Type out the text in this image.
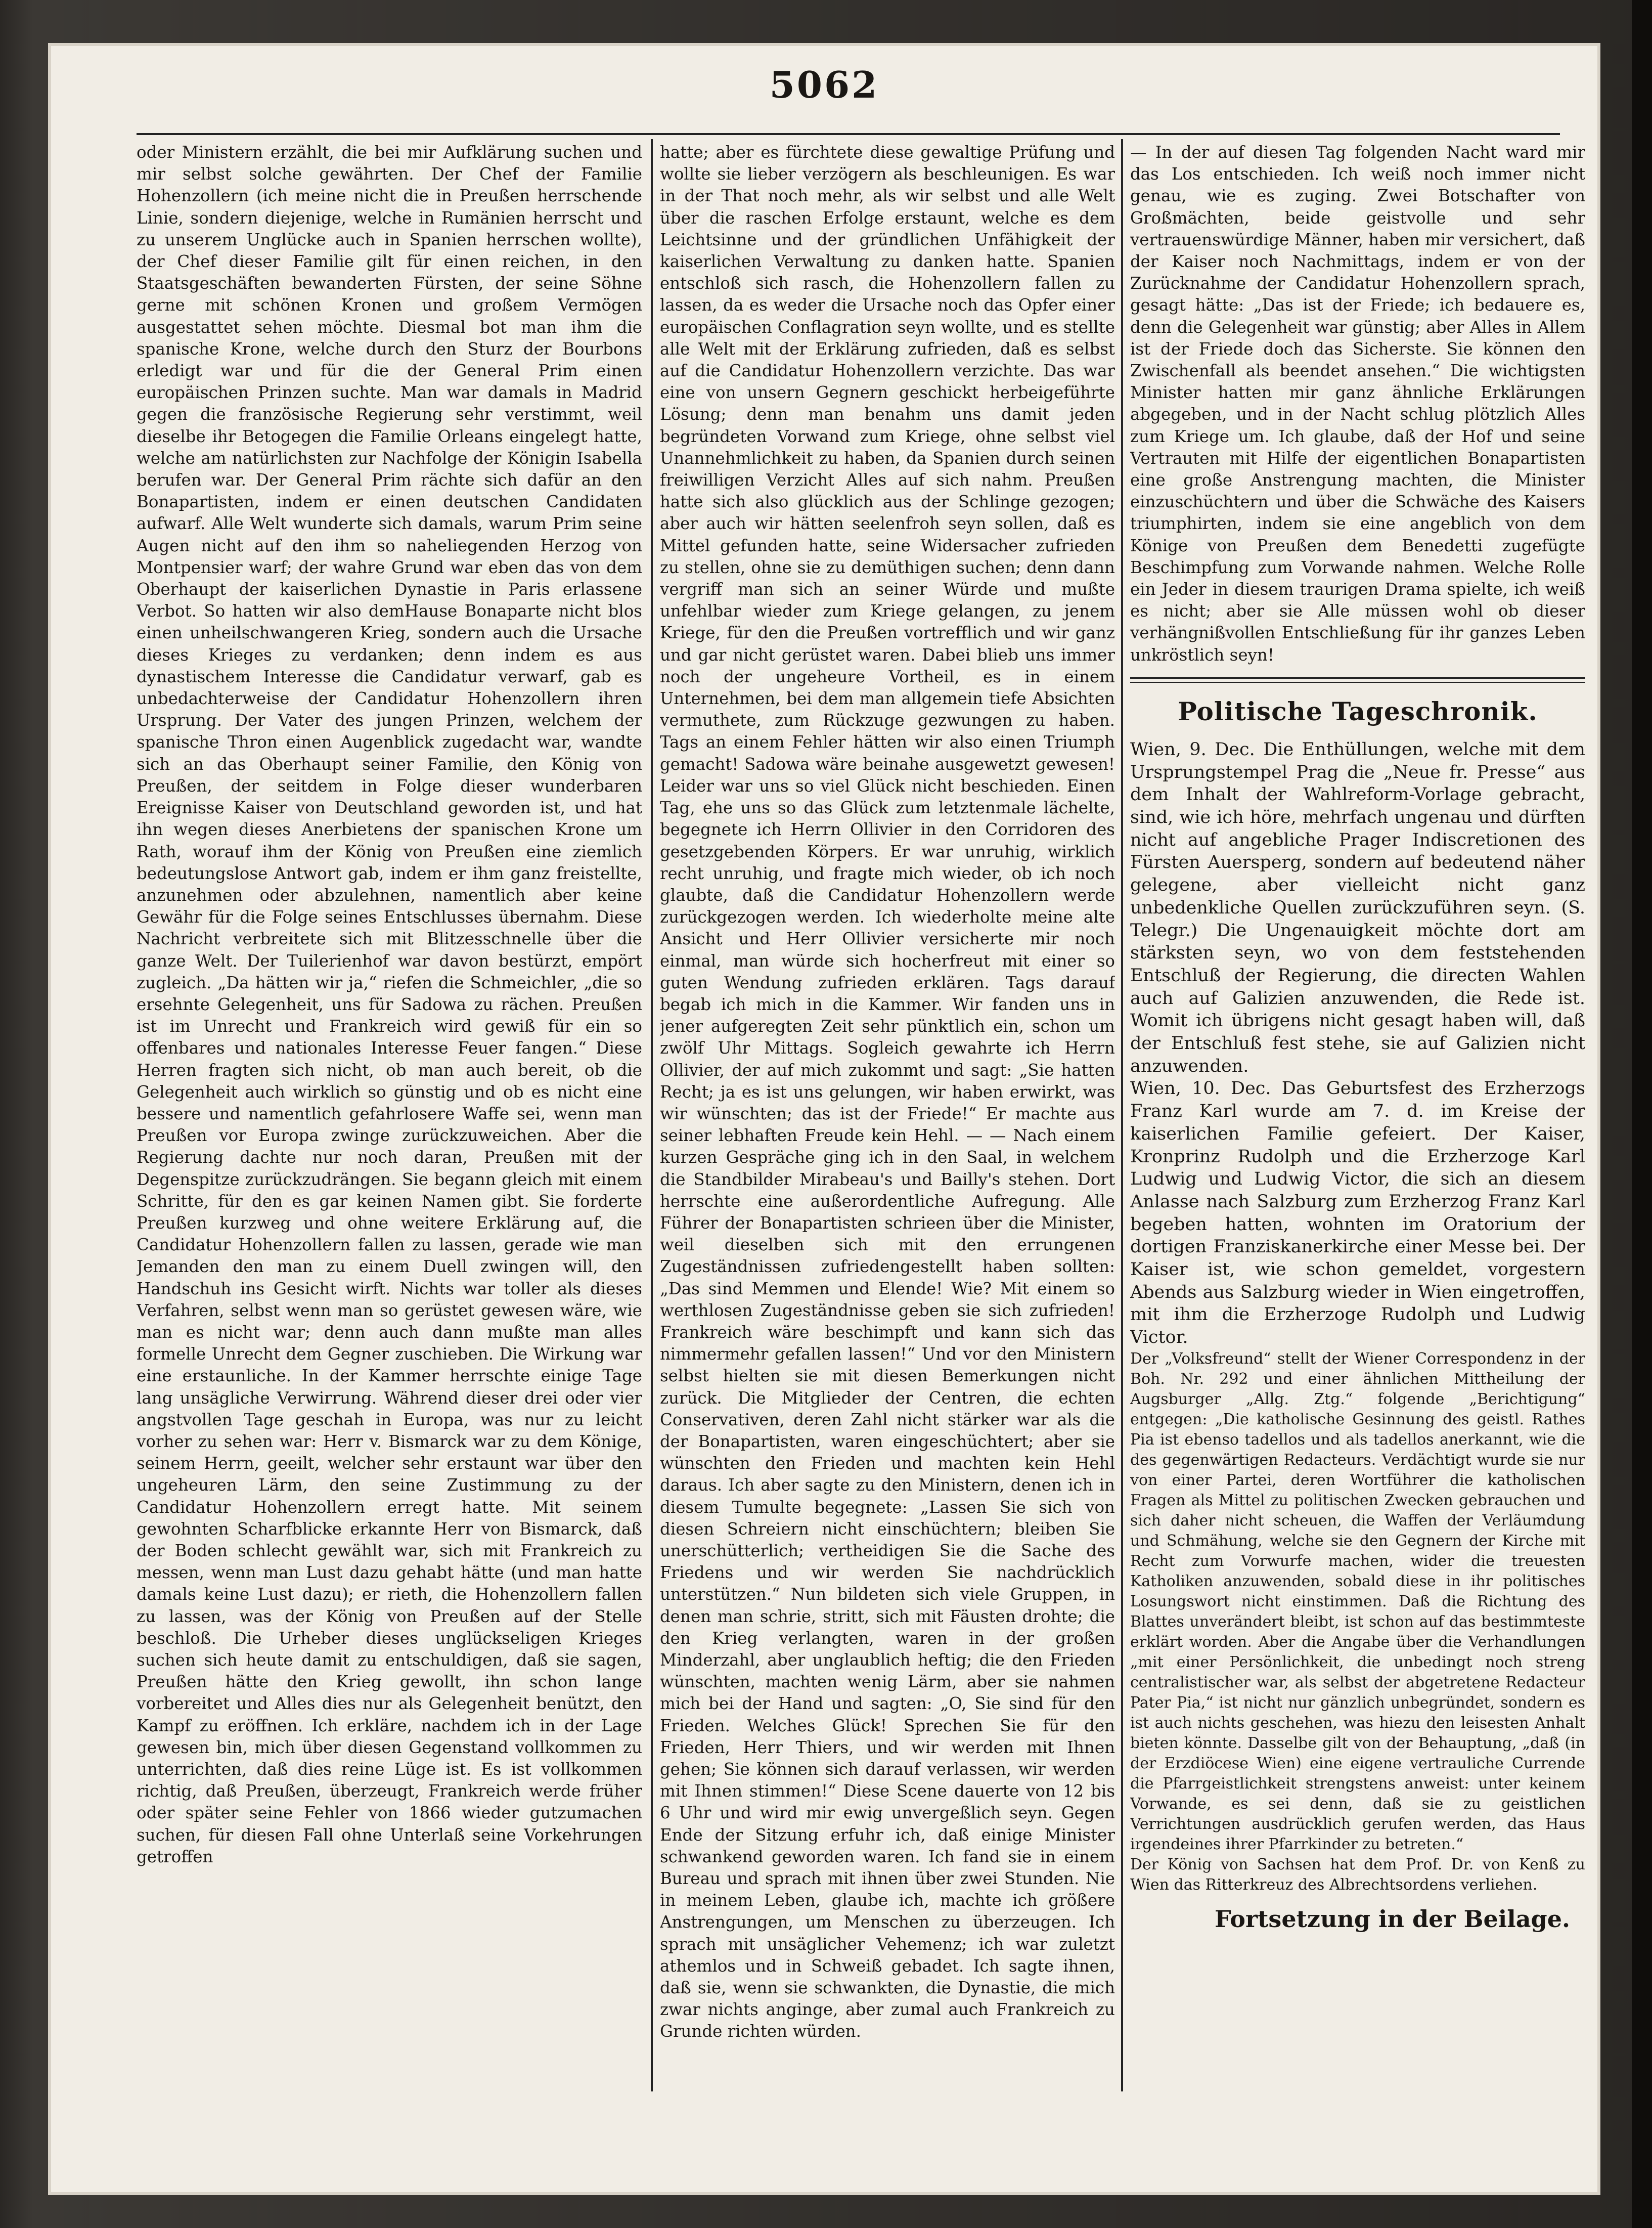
5062

oder Ministern erzählt, die bei mir Aufklärung suchen und mir selbst solche gewährten. Der Chef der Familie Hohenzollern (ich meine nicht die in Preußen herrschende Linie, sondern diejenige, welche in Rumänien herrscht und zu unserem Unglücke auch in Spanien herrschen wollte), der Chef dieser Familie gilt für einen reichen, in den Staatsgeschäften bewanderten Fürsten, der seine Söhne gerne mit schönen Kronen und großem Vermögen ausgestattet sehen möchte. Diesmal bot man ihm die spanische Krone, welche durch den Sturz der Bourbons erledigt war und für die der General Prim einen europäischen Prinzen suchte. Man war damals in Madrid gegen die französische Regierung sehr verstimmt, weil dieselbe ihr Betogegen die Familie Orleans eingelegt hatte, welche am natürlichsten zur Nachfolge der Königin Isabella berufen war. Der General Prim rächte sich dafür an den Bonapartisten, indem er einen deutschen Candidaten aufwarf. Alle Welt wunderte sich damals, warum Prim seine Augen nicht auf den ihm so naheliegenden Herzog von Montpensier warf; der wahre Grund war eben das von dem Oberhaupt der kaiserlichen Dynastie in Paris erlassene Verbot. So hatten wir also demHause Bonaparte nicht blos einen unheilschwangeren Krieg, sondern auch die Ursache dieses Krieges zu verdanken; denn indem es aus dynastischem Interesse die Candidatur verwarf, gab es unbedachterweise der Candidatur Hohenzollern ihren Ursprung. Der Vater des jungen Prinzen, welchem der spanische Thron einen Augenblick zugedacht war, wandte sich an das Oberhaupt seiner Familie, den König von Preußen, der seitdem in Folge dieser wunderbaren Ereignisse Kaiser von Deutschland geworden ist, und hat ihn wegen dieses Anerbietens der spanischen Krone um Rath, worauf ihm der König von Preußen eine ziemlich bedeutungslose Antwort gab, indem er ihm ganz freistellte, anzunehmen oder abzulehnen, namentlich aber keine Gewähr für die Folge seines Entschlusses übernahm. Diese Nachricht verbreitete sich mit Blitzesschnelle über die ganze Welt. Der Tuilerienhof war davon bestürzt, empört zugleich. „Da hätten wir ja,“ riefen die Schmeichler, „die so ersehnte Gelegenheit, uns für Sadowa zu rächen. Preußen ist im Unrecht und Frankreich wird gewiß für ein so offenbares und nationales Interesse Feuer fangen.“ Diese Herren fragten sich nicht, ob man auch bereit, ob die Gelegenheit auch wirklich so günstig und ob es nicht eine bessere und namentlich gefahrlosere Waffe sei, wenn man Preußen vor Europa zwinge zurückzuweichen. Aber die Regierung dachte nur noch daran, Preußen mit der Degenspitze zurückzudrängen. Sie begann gleich mit einem Schritte, für den es gar keinen Namen gibt. Sie forderte Preußen kurzweg und ohne weitere Erklärung auf, die Candidatur Hohenzollern fallen zu lassen, gerade wie man Jemanden den man zu einem Duell zwingen will, den Handschuh ins Gesicht wirft. Nichts war toller als dieses Verfahren, selbst wenn man so gerüstet gewesen wäre, wie man es nicht war; denn auch dann mußte man alles formelle Unrecht dem Gegner zuschieben. Die Wirkung war eine erstaunliche. In der Kammer herrschte einige Tage lang unsägliche Verwirrung. Während dieser drei oder vier angstvollen Tage geschah in Europa, was nur zu leicht vorher zu sehen war: Herr v. Bismarck war zu dem Könige, seinem Herrn, geeilt, welcher sehr erstaunt war über den ungeheuren Lärm, den seine Zustimmung zu der Candidatur Hohenzollern erregt hatte. Mit seinem gewohnten Scharfblicke erkannte Herr von Bismarck, daß der Boden schlecht gewählt war, sich mit Frankreich zu messen, wenn man Lust dazu gehabt hätte (und man hatte damals keine Lust dazu); er rieth, die Hohenzollern fallen zu lassen, was der König von Preußen auf der Stelle beschloß. Die Urheber dieses unglückseligen Krieges suchen sich heute damit zu entschuldigen, daß sie sagen, Preußen hätte den Krieg gewollt, ihn schon lange vorbereitet und Alles dies nur als Gelegenheit benützt, den Kampf zu eröffnen. Ich erkläre, nachdem ich in der Lage gewesen bin, mich über diesen Gegenstand vollkommen zu unterrichten, daß dies reine Lüge ist. Es ist vollkommen richtig, daß Preußen, überzeugt, Frankreich werde früher oder später seine Fehler von 1866 wieder gutzumachen suchen, für diesen Fall ohne Unterlaß seine Vorkehrungen getroffen

hatte; aber es fürchtete diese gewaltige Prüfung und wollte sie lieber verzögern als beschleunigen. Es war in der That noch mehr, als wir selbst und alle Welt über die raschen Erfolge erstaunt, welche es dem Leichtsinne und der gründlichen Unfähigkeit der kaiserlichen Verwaltung zu danken hatte. Spanien entschloß sich rasch, die Hohenzollern fallen zu lassen, da es weder die Ursache noch das Opfer einer europäischen Conflagration seyn wollte, und es stellte alle Welt mit der Erklärung zufrieden, daß es selbst auf die Candidatur Hohenzollern verzichte. Das war eine von unsern Gegnern geschickt herbeigeführte Lösung; denn man benahm uns damit jeden begründeten Vorwand zum Kriege, ohne selbst viel Unannehmlichkeit zu haben, da Spanien durch seinen freiwilligen Verzicht Alles auf sich nahm. Preußen hatte sich also glücklich aus der Schlinge gezogen; aber auch wir hätten seelenfroh seyn sollen, daß es Mittel gefunden hatte, seine Widersacher zufrieden zu stellen, ohne sie zu demüthigen suchen; denn dann vergriff man sich an seiner Würde und mußte unfehlbar wieder zum Kriege gelangen, zu jenem Kriege, für den die Preußen vortrefflich und wir ganz und gar nicht gerüstet waren. Dabei blieb uns immer noch der ungeheure Vortheil, es in einem Unternehmen, bei dem man allgemein tiefe Absichten vermuthete, zum Rückzuge gezwungen zu haben. Tags an einem Fehler hätten wir also einen Triumph gemacht! Sadowa wäre beinahe ausgewetzt gewesen! Leider war uns so viel Glück nicht beschieden. Einen Tag, ehe uns so das Glück zum letztenmale lächelte, begegnete ich Herrn Ollivier in den Corridoren des gesetzgebenden Körpers. Er war unruhig, wirklich recht unruhig, und fragte mich wieder, ob ich noch glaubte, daß die Candidatur Hohenzollern werde zurückgezogen werden. Ich wiederholte meine alte Ansicht und Herr Ollivier versicherte mir noch einmal, man würde sich hocherfreut mit einer so guten Wendung zufrieden erklären. Tags darauf begab ich mich in die Kammer. Wir fanden uns in jener aufgeregten Zeit sehr pünktlich ein, schon um zwölf Uhr Mittags. Sogleich gewahrte ich Herrn Ollivier, der auf mich zukommt und sagt: „Sie hatten Recht; ja es ist uns gelungen, wir haben erwirkt, was wir wünschten; das ist der Friede!“ Er machte aus seiner lebhaften Freude kein Hehl. — — Nach einem kurzen Gespräche ging ich in den Saal, in welchem die Standbilder Mirabeau's und Bailly's stehen. Dort herrschte eine außerordentliche Aufregung. Alle Führer der Bonapartisten schrieen über die Minister, weil dieselben sich mit den errungenen Zugeständnissen zufriedengestellt haben sollten: „Das sind Memmen und Elende! Wie? Mit einem so werthlosen Zugeständnisse geben sie sich zufrieden! Frankreich wäre beschimpft und kann sich das nimmermehr gefallen lassen!“ Und vor den Ministern selbst hielten sie mit diesen Bemerkungen nicht zurück. Die Mitglieder der Centren, die echten Conservativen, deren Zahl nicht stärker war als die der Bonapartisten, waren eingeschüchtert; aber sie wünschten den Frieden und machten kein Hehl daraus. Ich aber sagte zu den Ministern, denen ich in diesem Tumulte begegnete: „Lassen Sie sich von diesen Schreiern nicht einschüchtern; bleiben Sie unerschütterlich; vertheidigen Sie die Sache des Friedens und wir werden Sie nachdrücklich unterstützen.“ Nun bildeten sich viele Gruppen, in denen man schrie, stritt, sich mit Fäusten drohte; die den Krieg verlangten, waren in der großen Minderzahl, aber unglaublich heftig; die den Frieden wünschten, machten wenig Lärm, aber sie nahmen mich bei der Hand und sagten: „O, Sie sind für den Frieden. Welches Glück! Sprechen Sie für den Frieden, Herr Thiers, und wir werden mit Ihnen gehen; Sie können sich darauf verlassen, wir werden mit Ihnen stimmen!“ Diese Scene dauerte von 12 bis 6 Uhr und wird mir ewig unvergeßlich seyn. Gegen Ende der Sitzung erfuhr ich, daß einige Minister schwankend geworden waren. Ich fand sie in einem Bureau und sprach mit ihnen über zwei Stunden. Nie in meinem Leben, glaube ich, machte ich größere Anstrengungen, um Menschen zu überzeugen. Ich sprach mit unsäglicher Vehemenz; ich war zuletzt athemlos und in Schweiß gebadet. Ich sagte ihnen, daß sie, wenn sie schwankten, die Dynastie, die mich zwar nichts anginge, aber zumal auch Frankreich zu Grunde richten würden.

— In der auf diesen Tag folgenden Nacht ward mir das Los entschieden. Ich weiß noch immer nicht genau, wie es zuging. Zwei Botschafter von Großmächten, beide geistvolle und sehr vertrauenswürdige Männer, haben mir versichert, daß der Kaiser noch Nachmittags, indem er von der Zurücknahme der Candidatur Hohenzollern sprach, gesagt hätte: „Das ist der Friede; ich bedauere es, denn die Gelegenheit war günstig; aber Alles in Allem ist der Friede doch das Sicherste. Sie können den Zwischenfall als beendet ansehen.“ Die wichtigsten Minister hatten mir ganz ähnliche Erklärungen abgegeben, und in der Nacht schlug plötzlich Alles zum Kriege um. Ich glaube, daß der Hof und seine Vertrauten mit Hilfe der eigentlichen Bonapartisten eine große Anstrengung machten, die Minister einzuschüchtern und über die Schwäche des Kaisers triumphirten, indem sie eine angeblich von dem Könige von Preußen dem Benedetti zugefügte Beschimpfung zum Vorwande nahmen. Welche Rolle ein Jeder in diesem traurigen Drama spielte, ich weiß es nicht; aber sie Alle müssen wohl ob dieser verhängnißvollen Entschließung für ihr ganzes Leben unkröstlich seyn!

Politische Tageschronik.

Wien, 9. Dec. Die Enthüllungen, welche mit dem Ursprungstempel Prag die „Neue fr. Presse“ aus dem Inhalt der Wahlreform-Vorlage gebracht, sind, wie ich höre, mehrfach ungenau und dürften nicht auf angebliche Prager Indiscretionen des Fürsten Auersperg, sondern auf bedeutend näher gelegene, aber vielleicht nicht ganz unbedenkliche Quellen zurückzuführen seyn. (S. Telegr.) Die Ungenauigkeit möchte dort am stärksten seyn, wo von dem feststehenden Entschluß der Regierung, die directen Wahlen auch auf Galizien anzuwenden, die Rede ist. Womit ich übrigens nicht gesagt haben will, daß der Entschluß fest stehe, sie auf Galizien nicht anzuwenden.

Wien, 10. Dec. Das Geburtsfest des Erzherzogs Franz Karl wurde am 7. d. im Kreise der kaiserlichen Familie gefeiert. Der Kaiser, Kronprinz Rudolph und die Erzherzoge Karl Ludwig und Ludwig Victor, die sich an diesem Anlasse nach Salzburg zum Erzherzog Franz Karl begeben hatten, wohnten im Oratorium der dortigen Franziskanerkirche einer Messe bei. Der Kaiser ist, wie schon gemeldet, vorgestern Abends aus Salzburg wieder in Wien eingetroffen, mit ihm die Erzherzoge Rudolph und Ludwig Victor.

Der „Volksfreund“ stellt der Wiener Correspondenz in der Boh. Nr. 292 und einer ähnlichen Mittheilung der Augsburger „Allg. Ztg.“ folgende „Berichtigung“ entgegen: „Die katholische Gesinnung des geistl. Rathes Pia ist ebenso tadellos und als tadellos anerkannt, wie die des gegenwärtigen Redacteurs. Verdächtigt wurde sie nur von einer Partei, deren Wortführer die katholischen Fragen als Mittel zu politischen Zwecken gebrauchen und sich daher nicht scheuen, die Waffen der Verläumdung und Schmähung, welche sie den Gegnern der Kirche mit Recht zum Vorwurfe machen, wider die treuesten Katholiken anzuwenden, sobald diese in ihr politisches Losungswort nicht einstimmen. Daß die Richtung des Blattes unverändert bleibt, ist schon auf das bestimmteste erklärt worden. Aber die Angabe über die Verhandlungen „mit einer Persönlichkeit, die unbedingt noch streng centralistischer war, als selbst der abgetretene Redacteur Pater Pia,“ ist nicht nur gänzlich unbegründet, sondern es ist auch nichts geschehen, was hiezu den leisesten Anhalt bieten könnte. Dasselbe gilt von der Behauptung, „daß (in der Erzdiöcese Wien) eine eigene vertrauliche Currende die Pfarrgeistlichkeit strengstens anweist: unter keinem Vorwande, es sei denn, daß sie zu geistlichen Verrichtungen ausdrücklich gerufen werden, das Haus irgendeines ihrer Pfarrkinder zu betreten.“

Der König von Sachsen hat dem Prof. Dr. von Kenß zu Wien das Ritterkreuz des Albrechtsordens verliehen.

Fortsetzung in der Beilage.
